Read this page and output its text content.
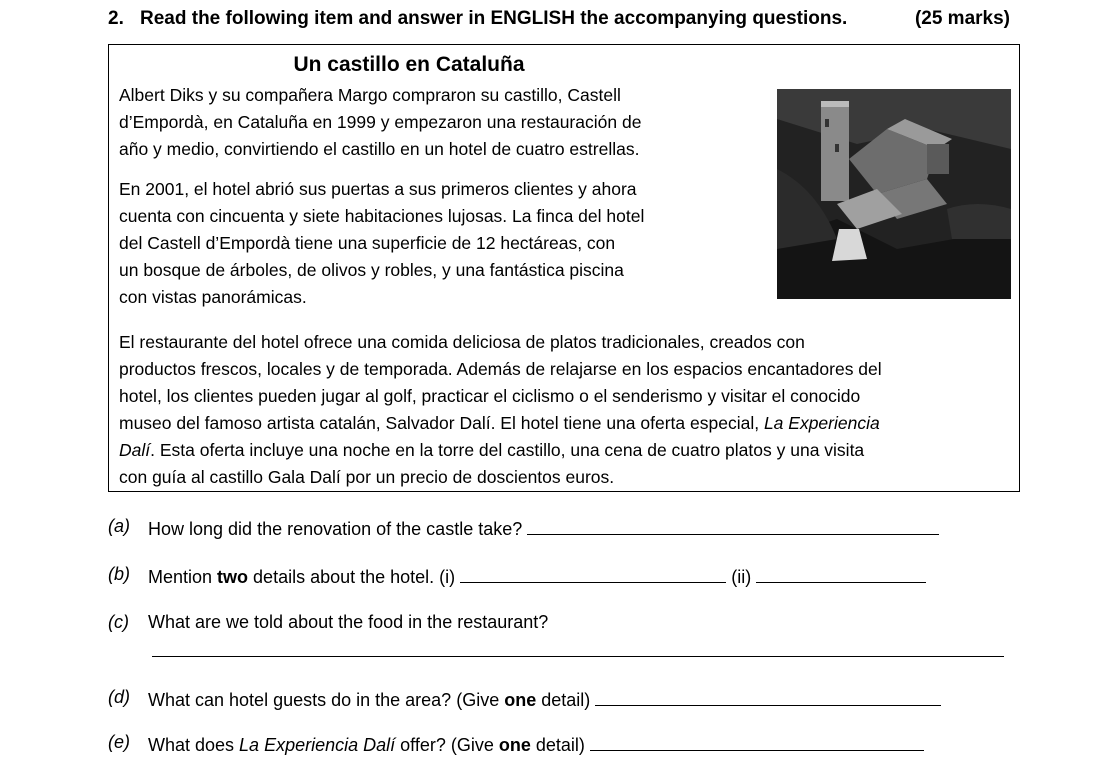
2. Read the following item and answer in ENGLISH the accompanying questions.	(25 marks)
Un castillo en Cataluña

Albert Diks y su compañera Margo compraron su castillo, Castell
d’Empordà, en Cataluña en 1999 y empezaron una restauración de
año y medio, convirtiendo el castillo en un hotel de cuatro estrellas.

En 2001, el hotel abrió sus puertas a sus primeros clientes y ahora
cuenta con cincuenta y siete habitaciones lujosas. La finca del hotel
del Castell d’Empordà tiene una superficie de 12 hectáreas, con
un bosque de árboles, de olivos y robles, y una fantástica piscina
con vistas panorámicas.

El restaurante del hotel ofrece una comida deliciosa de platos tradicionales, creados con
productos frescos, locales y de temporada. Además de relajarse en los espacios encantadores del
hotel, los clientes pueden jugar al golf, practicar el ciclismo o el senderismo y visitar el conocido
museo del famoso artista catalán, Salvador Dalí. El hotel tiene una oferta especial, La Experiencia
Dalí. Esta oferta incluye una noche en la torre del castillo, una cena de cuatro platos y una visita
con guía al castillo Gala Dalí por un precio de doscientos euros.

(a) How long did the renovation of the castle take?
(b) Mention two details about the hotel. (i)	(ii)
(c) What are we told about the food in the restaurant?
(d) What can hotel guests do in the area? (Give one detail)
(e) What does La Experiencia Dalí offer? (Give one detail)
